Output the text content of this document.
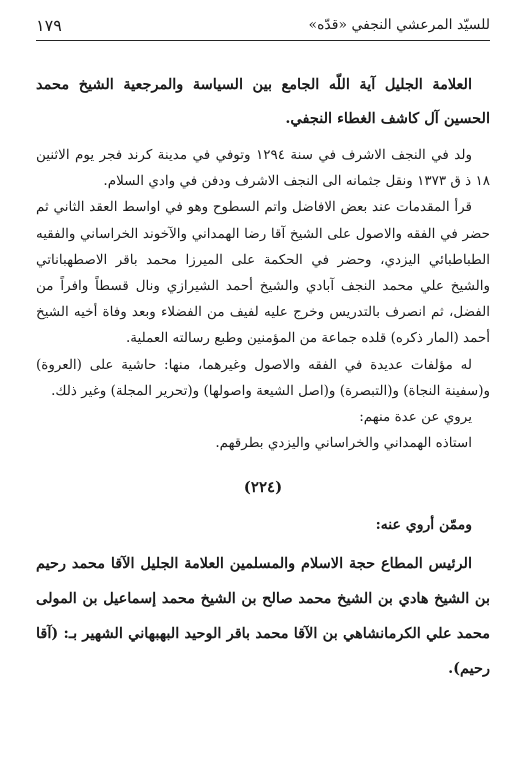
للسيّد المرعشي النجفي «قدّه»
١٧٩

العلامة الجليل آية اللّه الجامع بين السياسة والمرجعية الشيخ محمد الحسين آل كاشف الغطاء النجفي.

ولد في النجف الاشرف في سنة ١٢٩٤ وتوفي في مدينة كرند فجر يوم الاثنين ١٨ ذ ق ١٣٧٣ ونقل جثمانه الى النجف الاشرف ودفن في وادي السلام.

قرأ المقدمات عند بعض الافاضل واتم السطوح وهو في اواسط العقد الثاني ثم حضر في الفقه والاصول على الشيخ آقا رضا الهمداني والآخوند الخراساني والفقيه الطباطبائي اليزدي، وحضر في الحكمة على الميرزا محمد باقر الاصطهباناتي والشيخ علي محمد النجف آبادي والشيخ أحمد الشيرازي ونال قسطاً وافراً من الفضل، ثم انصرف بالتدريس وخرج عليه لفيف من الفضلاء وبعد وفاة أخيه الشيخ أحمد (المار ذكره) قلده جماعة من المؤمنين وطبع رسالته العملية.

له مؤلفات عديدة في الفقه والاصول وغيرهما، منها: حاشية على (العروة) و(سفينة النجاة) و(التبصرة) و(اصل الشيعة واصولها) و(تحرير المجلة) وغير ذلك.

يروي عن عدة منهم:

استاذه الهمداني والخراساني واليزدي بطرقهم.

(٢٢٤)

وممّن أروي عنه:

الرئيس المطاع حجة الاسلام والمسلمين العلامة الجليل الآقا محمد رحيم بن الشيخ هادي بن الشيخ محمد صالح بن الشيخ محمد إسماعيل بن المولى محمد علي الكرمانشاهي بن الآقا محمد باقر الوحيد البهبهاني الشهير بـ: (آقا رحيم).
